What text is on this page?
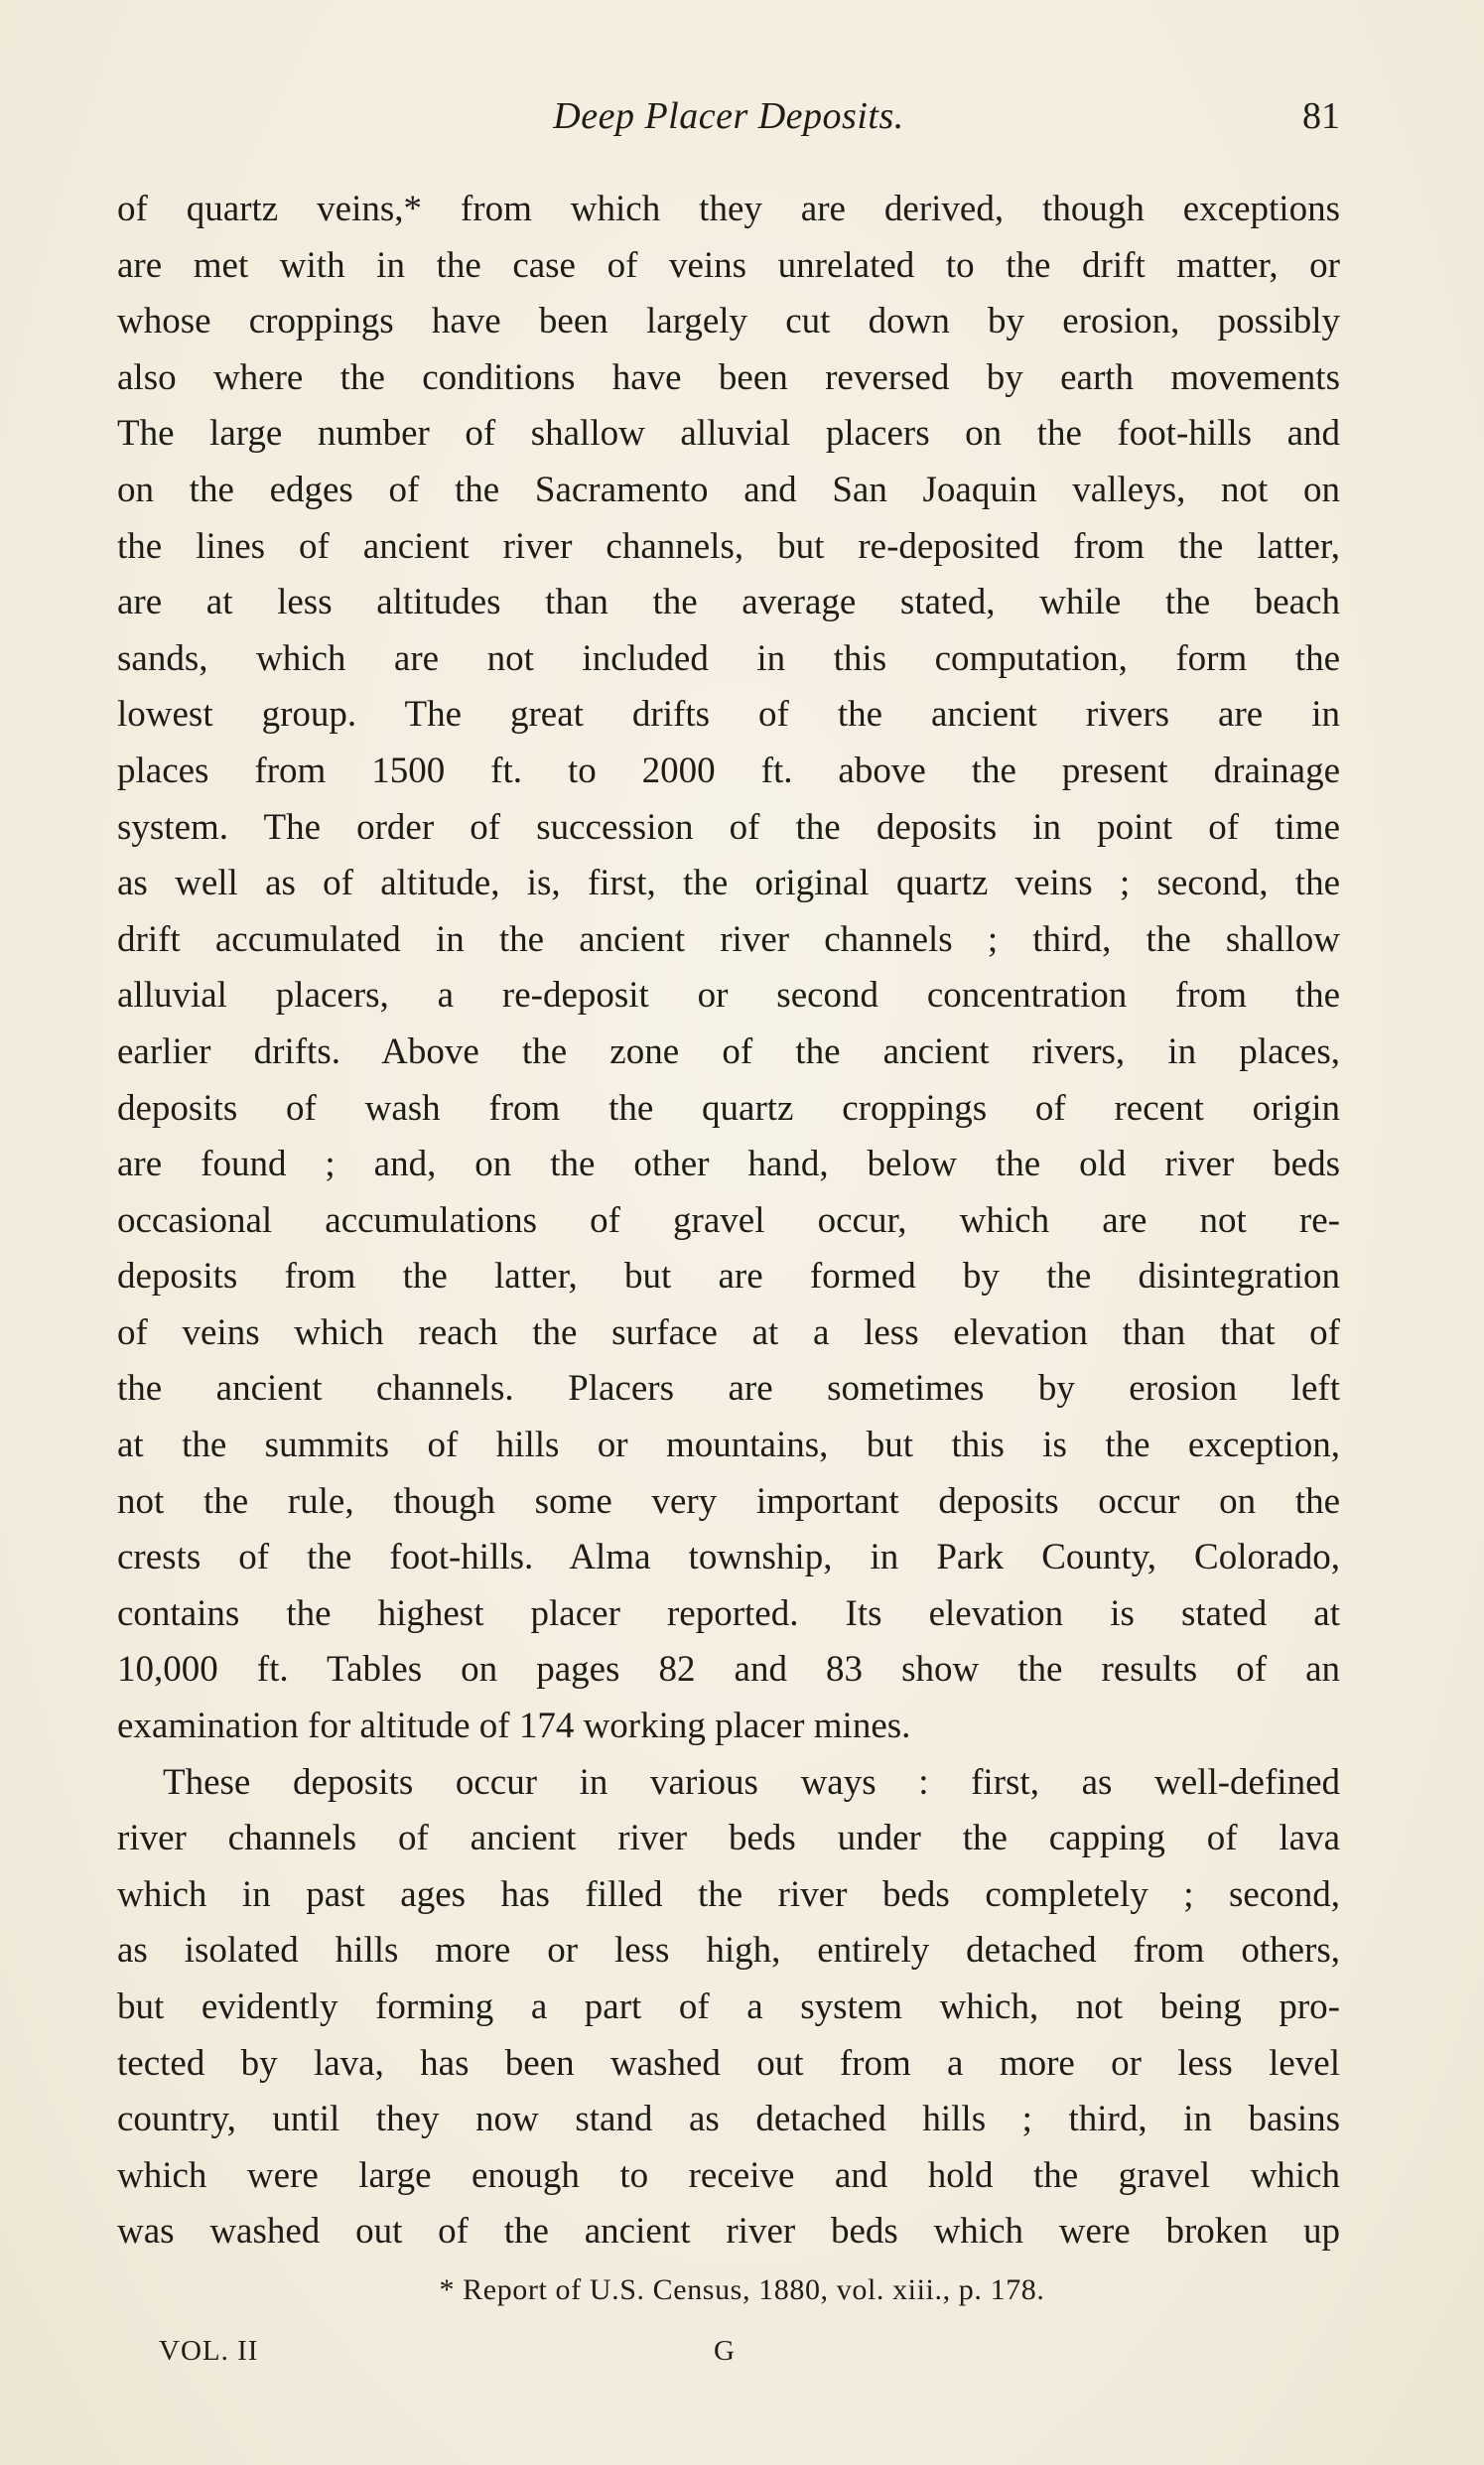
Deep Placer Deposits.	81
of quartz veins,* from which they are derived, though exceptions
are met with in the case of veins unrelated to the drift matter, or
whose croppings have been largely cut down by erosion, possibly
also where the conditions have been reversed by earth movements
The large number of shallow alluvial placers on the foot-hills and
on the edges of the Sacramento and San Joaquin valleys, not on
the lines of ancient river channels, but re-deposited from the latter,
are at less altitudes than the average stated, while the beach
sands, which are not included in this computation, form the
lowest group. The great drifts of the ancient rivers are in
places from 1500 ft. to 2000 ft. above the present drainage
system. The order of succession of the deposits in point of time
as well as of altitude, is, first, the original quartz veins ; second, the
drift accumulated in the ancient river channels ; third, the shallow
alluvial placers, a re-deposit or second concentration from the
earlier drifts. Above the zone of the ancient rivers, in places,
deposits of wash from the quartz croppings of recent origin
are found ; and, on the other hand, below the old river beds
occasional accumulations of gravel occur, which are not re-
deposits from the latter, but are formed by the disintegration
of veins which reach the surface at a less elevation than that of
the ancient channels. Placers are sometimes by erosion left
at the summits of hills or mountains, but this is the exception,
not the rule, though some very important deposits occur on the
crests of the foot-hills. Alma township, in Park County, Colorado,
contains the highest placer reported. Its elevation is stated at
10,000 ft. Tables on pages 82 and 83 show the results of an
examination for altitude of 174 working placer mines.
These deposits occur in various ways : first, as well-defined
river channels of ancient river beds under the capping of lava
which in past ages has filled the river beds completely ; second,
as isolated hills more or less high, entirely detached from others,
but evidently forming a part of a system which, not being pro-
tected by lava, has been washed out from a more or less level
country, until they now stand as detached hills ; third, in basins
which were large enough to receive and hold the gravel which
was washed out of the ancient river beds which were broken up
* Report of U.S. Census, 1880, vol. xiii., p. 178.
VOL. II	G
